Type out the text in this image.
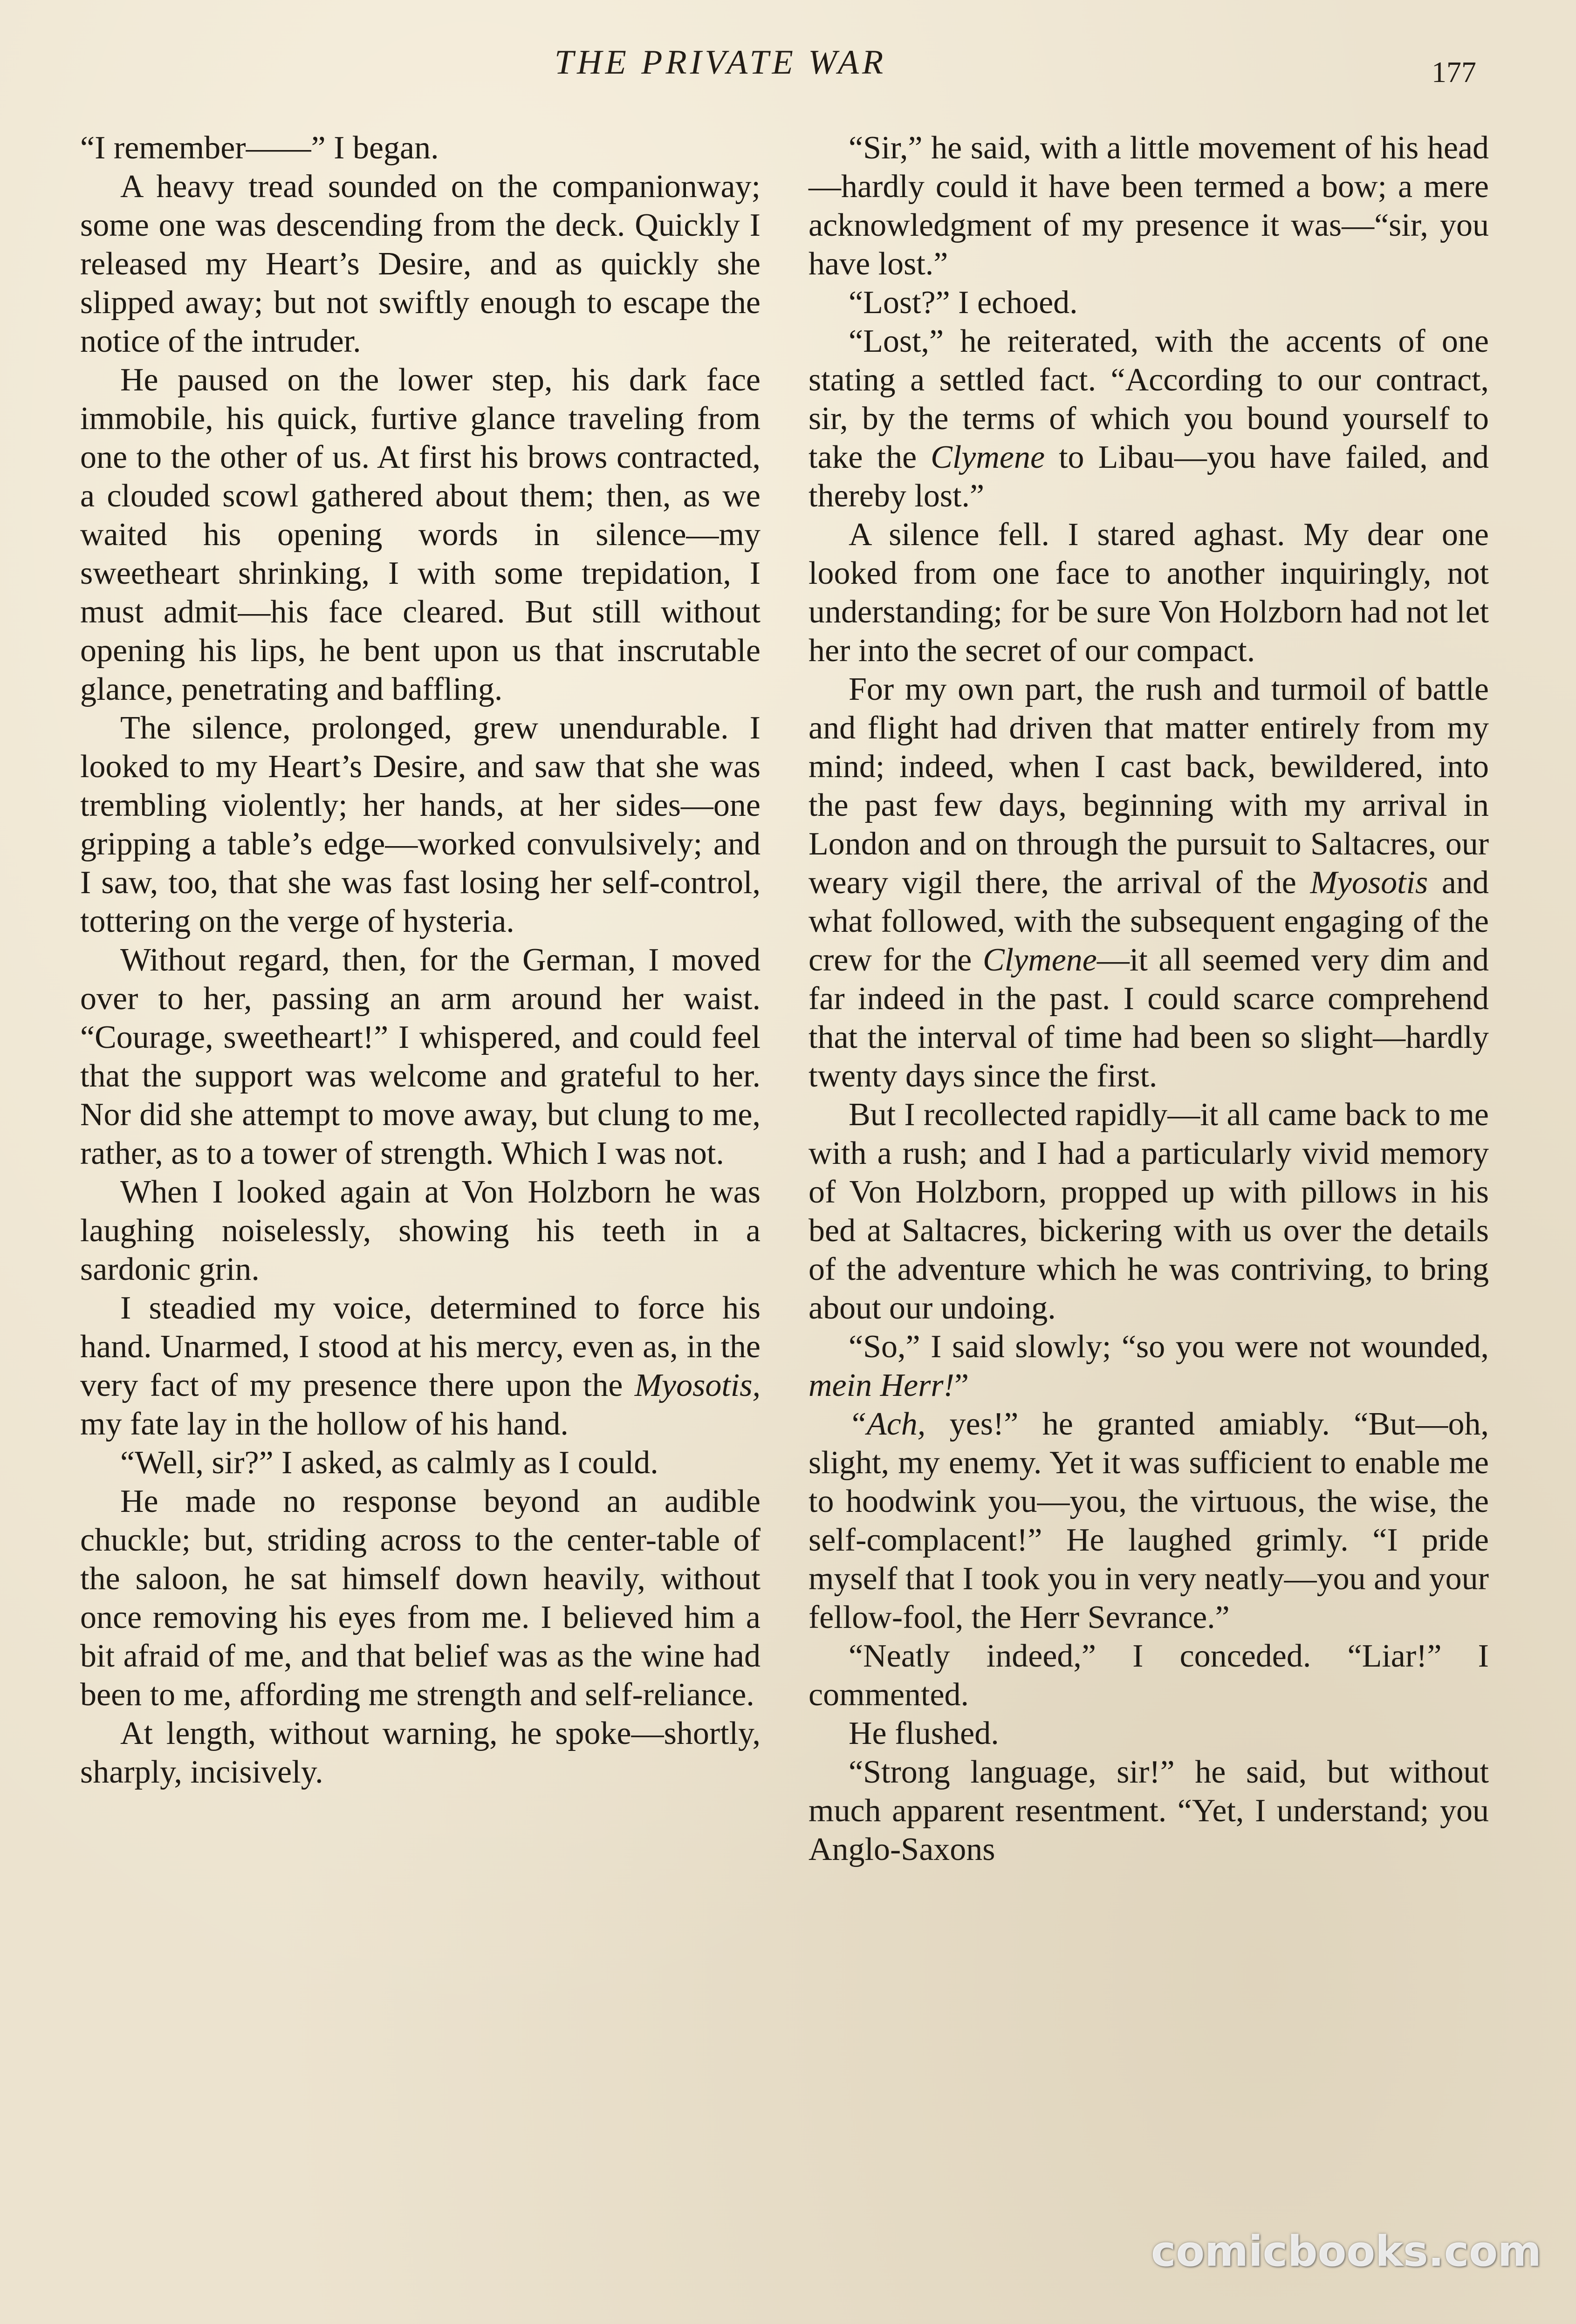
THE PRIVATE WAR	177

“I remember——” I began.

A heavy tread sounded on the companionway; some one was descending from the deck. Quickly I released my Heart’s Desire, and as quickly she slipped away; but not swiftly enough to escape the notice of the intruder.

He paused on the lower step, his dark face immobile, his quick, furtive glance traveling from one to the other of us. At first his brows contracted, a clouded scowl gathered about them; then, as we waited his opening words in silence—my sweetheart shrinking, I with some trepidation, I must admit—his face cleared. But still without opening his lips, he bent upon us that inscrutable glance, penetrating and baffling.

The silence, prolonged, grew unendurable. I looked to my Heart’s Desire, and saw that she was trembling violently; her hands, at her sides—one gripping a table’s edge—worked convulsively; and I saw, too, that she was fast losing her self-control, tottering on the verge of hysteria.

Without regard, then, for the German, I moved over to her, passing an arm around her waist. “Courage, sweetheart!” I whispered, and could feel that the support was welcome and grateful to her. Nor did she attempt to move away, but clung to me, rather, as to a tower of strength. Which I was not.

When I looked again at Von Holzborn he was laughing noiselessly, showing his teeth in a sardonic grin.

I steadied my voice, determined to force his hand. Unarmed, I stood at his mercy, even as, in the very fact of my presence there upon the Myosotis, my fate lay in the hollow of his hand.

“Well, sir?” I asked, as calmly as I could.

He made no response beyond an audible chuckle; but, striding across to the center-table of the saloon, he sat himself down heavily, without once removing his eyes from me. I believed him a bit afraid of me, and that belief was as the wine had been to me, affording me strength and self-reliance.

At length, without warning, he spoke—shortly, sharply, incisively.

“Sir,” he said, with a little movement of his head—hardly could it have been termed a bow; a mere acknowledgment of my presence it was—“sir, you have lost.”

“Lost?” I echoed.

“Lost,” he reiterated, with the accents of one stating a settled fact. “According to our contract, sir, by the terms of which you bound yourself to take the Clymene to Libau—you have failed, and thereby lost.”

A silence fell. I stared aghast. My dear one looked from one face to another inquiringly, not understanding; for be sure Von Holzborn had not let her into the secret of our compact.

For my own part, the rush and turmoil of battle and flight had driven that matter entirely from my mind; indeed, when I cast back, bewildered, into the past few days, beginning with my arrival in London and on through the pursuit to Saltacres, our weary vigil there, the arrival of the Myosotis and what followed, with the subsequent engaging of the crew for the Clymene—it all seemed very dim and far indeed in the past. I could scarce comprehend that the interval of time had been so slight—hardly twenty days since the first.

But I recollected rapidly—it all came back to me with a rush; and I had a particularly vivid memory of Von Holzborn, propped up with pillows in his bed at Saltacres, bickering with us over the details of the adventure which he was contriving, to bring about our undoing.

“So,” I said slowly; “so you were not wounded, mein Herr!”

“Ach, yes!” he granted amiably. “But—oh, slight, my enemy. Yet it was sufficient to enable me to hoodwink you—you, the virtuous, the wise, the self-complacent!” He laughed grimly. “I pride myself that I took you in very neatly—you and your fellow-fool, the Herr Sevrance.”

“Neatly indeed,” I conceded. “Liar!” I commented.

He flushed.

“Strong language, sir!” he said, but without much apparent resentment. “Yet, I understand; you Anglo-Saxons

comicbooks.com
